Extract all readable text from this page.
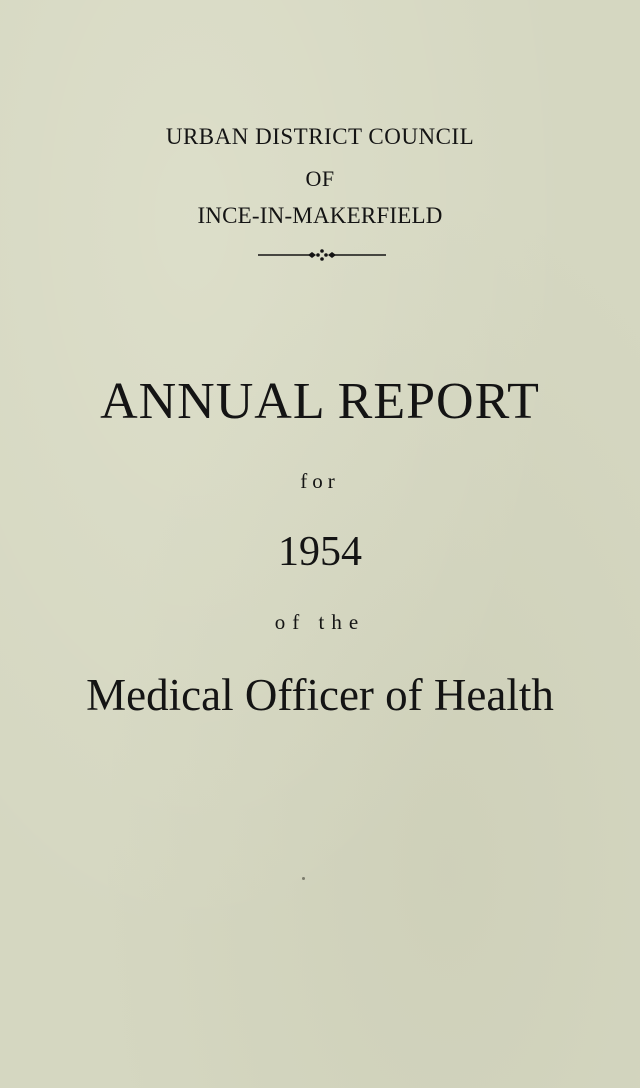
URBAN DISTRICT COUNCIL
OF
INCE-IN-MAKERFIELD
ANNUAL REPORT
for
1954
of the
Medical Officer of Health
